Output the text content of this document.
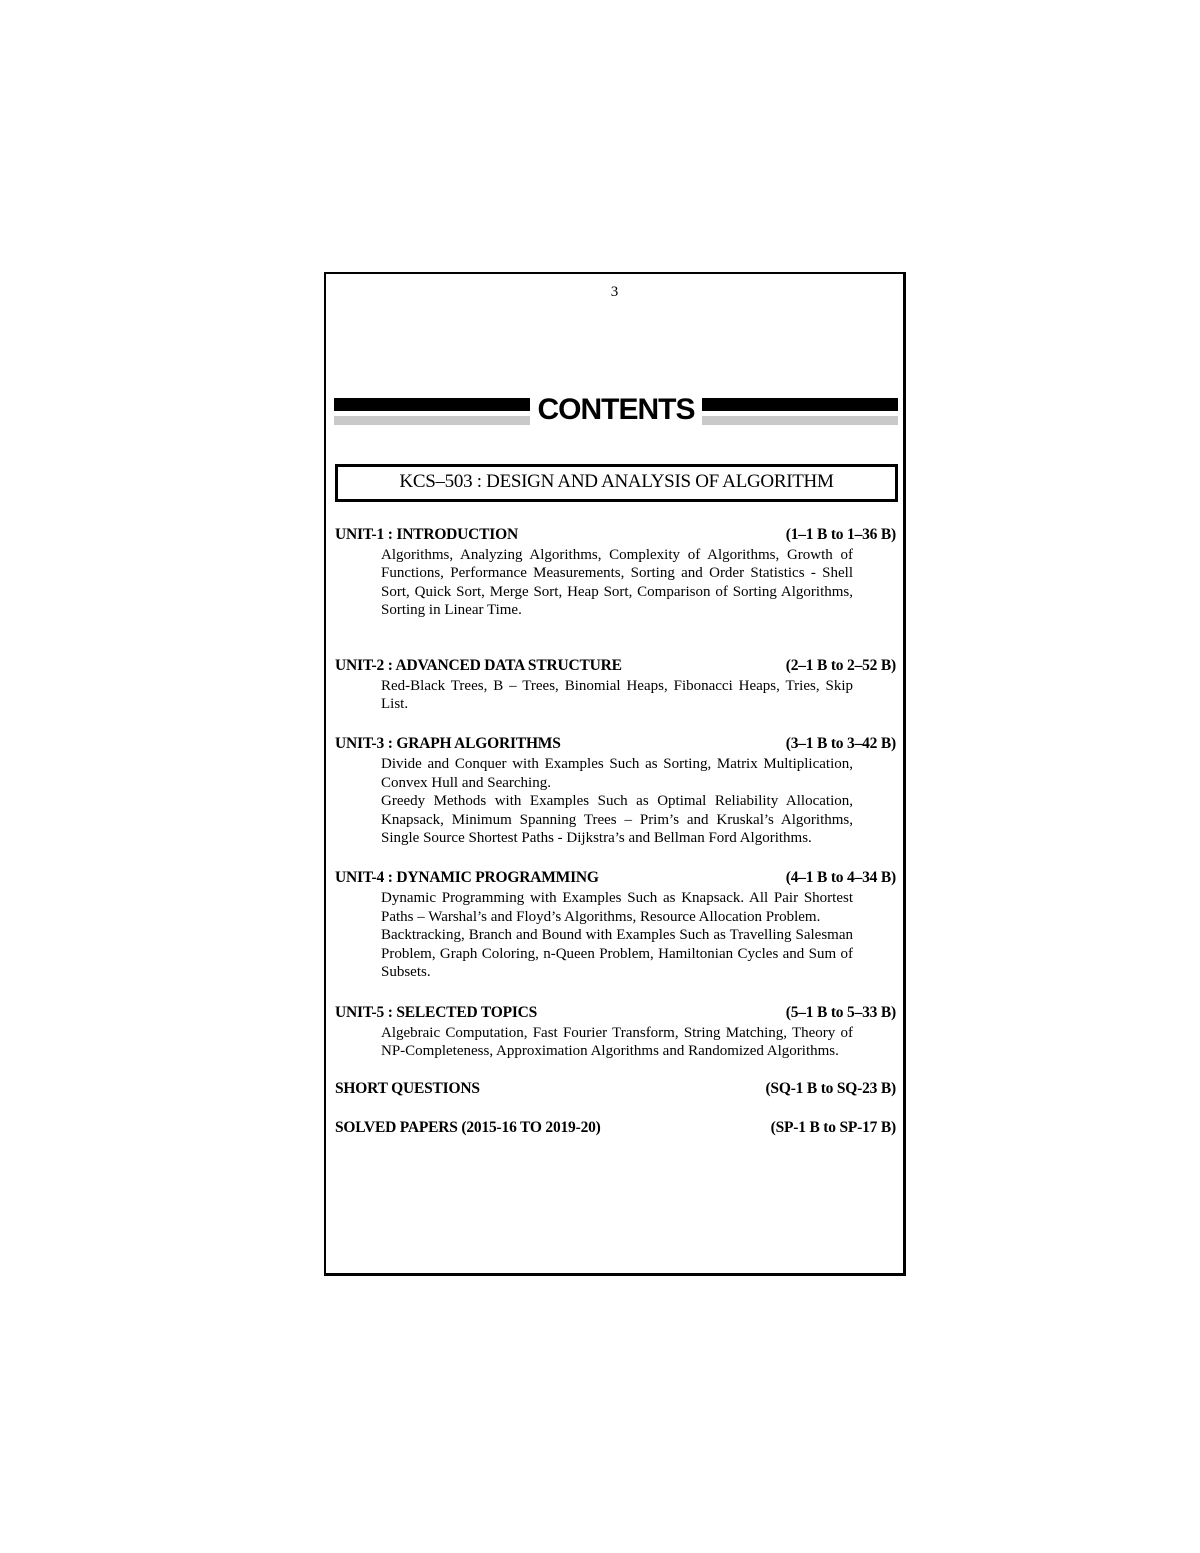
3
CONTENTS
KCS–503 : DESIGN AND ANALYSIS OF ALGORITHM
UNIT-1 : INTRODUCTION	(1–1 B to 1–36 B)

Algorithms, Analyzing Algorithms, Complexity of Algorithms, Growth of Functions, Performance Measurements, Sorting and Order Statistics - Shell Sort, Quick Sort, Merge Sort, Heap Sort, Comparison of Sorting Algorithms, Sorting in Linear Time.

UNIT-2 : ADVANCED DATA STRUCTURE	(2–1 B to 2–52 B)

Red-Black Trees, B – Trees, Binomial Heaps, Fibonacci Heaps, Tries, Skip List.

UNIT-3 : GRAPH ALGORITHMS	(3–1 B to 3–42 B)

Divide and Conquer with Examples Such as Sorting, Matrix Multiplication, Convex Hull and Searching.

Greedy Methods with Examples Such as Optimal Reliability Allocation, Knapsack, Minimum Spanning Trees – Prim’s and Kruskal’s Algorithms, Single Source Shortest Paths - Dijkstra’s and Bellman Ford Algorithms.

UNIT-4 : DYNAMIC PROGRAMMING	(4–1 B to 4–34 B)

Dynamic Programming with Examples Such as Knapsack. All Pair Shortest Paths – Warshal’s and Floyd’s Algorithms, Resource Allocation Problem.

Backtracking, Branch and Bound with Examples Such as Travelling Salesman Problem, Graph Coloring, n-Queen Problem, Hamiltonian Cycles and Sum of Subsets.

UNIT-5 : SELECTED TOPICS	(5–1 B to 5–33 B)

Algebraic Computation, Fast Fourier Transform, String Matching, Theory of NP-Completeness, Approximation Algorithms and Randomized Algorithms.

SHORT QUESTIONS	(SQ-1 B to SQ-23 B)
SOLVED PAPERS (2015-16 TO 2019-20)	(SP-1 B to SP-17 B)
